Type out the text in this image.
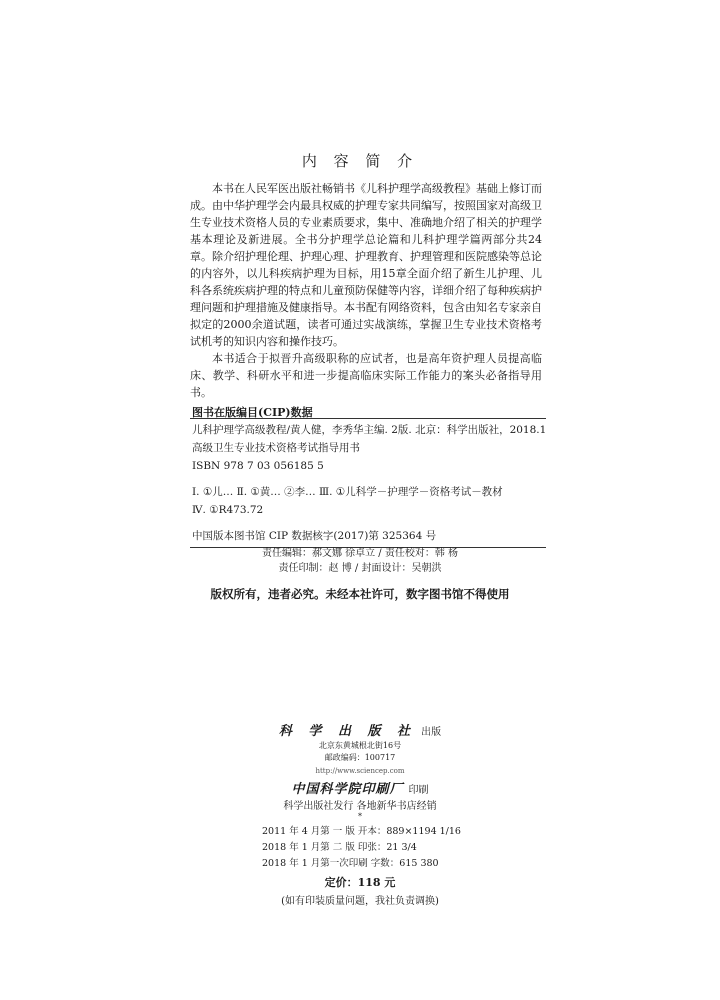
内 容 简 介

本书在人民军医出版社畅销书《儿科护理学高级教程》基础上修订而成。由中华护理学会内最具权威的护理专家共同编写，按照国家对高级卫生专业技术资格人员的专业素质要求，集中、准确地介绍了相关的护理学基本理论及新进展。全书分护理学总论篇和儿科护理学篇两部分共24章。除介绍护理伦理、护理心理、护理教育、护理管理和医院感染等总论的内容外，以儿科疾病护理为目标，用15章全面介绍了新生儿护理、儿科各系统疾病护理的特点和儿童预防保健等内容，详细介绍了每种疾病护理问题和护理措施及健康指导。本书配有网络资料，包含由知名专家亲自拟定的2000余道试题，读者可通过实战演练，掌握卫生专业技术资格考试机考的知识内容和操作技巧。

本书适合于拟晋升高级职称的应试者，也是高年资护理人员提高临床、教学、科研水平和进一步提高临床实际工作能力的案头必备指导用书。

图书在版编目(CIP)数据
儿科护理学高级教程/黄人健，李秀华主编. 2版. 北京：科学出版社，2018.1
高级卫生专业技术资格考试指导用书
ISBN 978 7 03 056185 5
Ⅰ. ①儿… Ⅱ. ①黄… ②李… Ⅲ. ①儿科学－护理学－资格考试－教材
Ⅳ. ①R473.72
中国版本图书馆 CIP 数据核字(2017)第 325364 号
责任编辑：郝文娜 徐卓立 / 责任校对：韩 杨
责任印制：赵 博 / 封面设计：吴朝洪
版权所有，违者必究。未经本社许可，数字图书馆不得使用
科 学 出 版 社 出版
北京东黄城根北街16号
邮政编码：100717
http://www.sciencep.com
中国科学院印刷厂 印刷
科学出版社发行 各地新华书店经销
*
2011 年 4 月第 一 版 开本：889×1194 1/16
2018 年 1 月第 二 版 印张：21 3/4
2018 年 1 月第一次印刷 字数：615 380
定价：118 元
(如有印装质量问题，我社负责调换)
